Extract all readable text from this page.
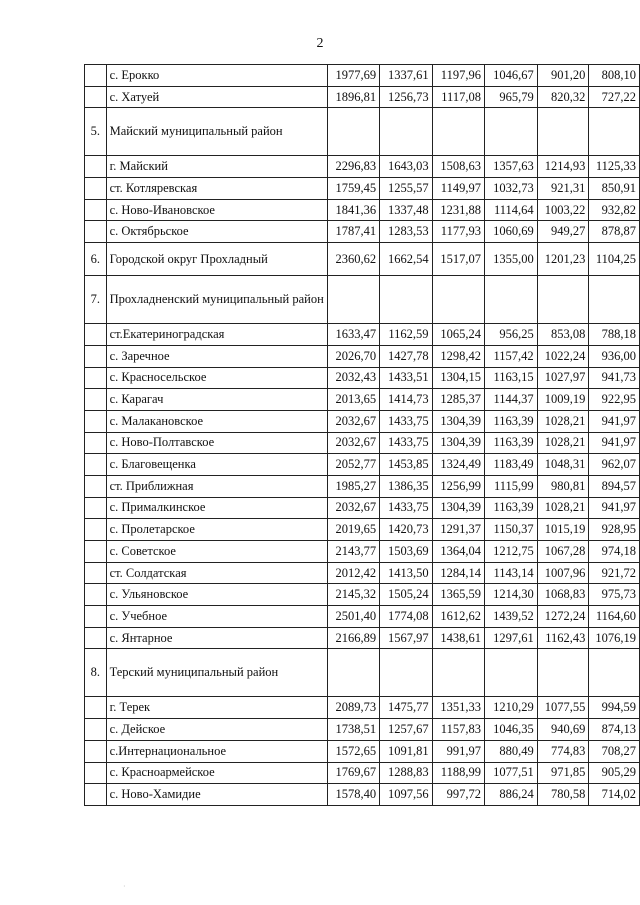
2
	с. Ерокко	1977,69	1337,61	1197,96	1046,67	901,20	808,10
	с. Хатуей	1896,81	1256,73	1117,08	965,79	820,32	727,22
5.	Майский муниципальный район						
	г. Майский	2296,83	1643,03	1508,63	1357,63	1214,93	1125,33
	ст. Котляревская	1759,45	1255,57	1149,97	1032,73	921,31	850,91
	с. Ново-Ивановское	1841,36	1337,48	1231,88	1114,64	1003,22	932,82
	с. Октябрьское	1787,41	1283,53	1177,93	1060,69	949,27	878,87
6.	Городской округ Прохладный	2360,62	1662,54	1517,07	1355,00	1201,23	1104,25
7.	Прохладненский муниципальный район						
	ст.Екатериноградская	1633,47	1162,59	1065,24	956,25	853,08	788,18
	с. Заречное	2026,70	1427,78	1298,42	1157,42	1022,24	936,00
	с. Красносельское	2032,43	1433,51	1304,15	1163,15	1027,97	941,73
	с. Карагач	2013,65	1414,73	1285,37	1144,37	1009,19	922,95
	с. Малакановское	2032,67	1433,75	1304,39	1163,39	1028,21	941,97
	с. Ново-Полтавское	2032,67	1433,75	1304,39	1163,39	1028,21	941,97
	с. Благовещенка	2052,77	1453,85	1324,49	1183,49	1048,31	962,07
	ст. Приближная	1985,27	1386,35	1256,99	1115,99	980,81	894,57
	с. Прималкинское	2032,67	1433,75	1304,39	1163,39	1028,21	941,97
	с. Пролетарское	2019,65	1420,73	1291,37	1150,37	1015,19	928,95
	с. Советское	2143,77	1503,69	1364,04	1212,75	1067,28	974,18
	ст. Солдатская	2012,42	1413,50	1284,14	1143,14	1007,96	921,72
	с. Ульяновское	2145,32	1505,24	1365,59	1214,30	1068,83	975,73
	с. Учебное	2501,40	1774,08	1612,62	1439,52	1272,24	1164,60
	с. Янтарное	2166,89	1567,97	1438,61	1297,61	1162,43	1076,19
8.	Терский муниципальный район						
	г. Терек	2089,73	1475,77	1351,33	1210,29	1077,55	994,59
	с. Дейское	1738,51	1257,67	1157,83	1046,35	940,69	874,13
	с.Интернациональное	1572,65	1091,81	991,97	880,49	774,83	708,27
	с. Красноармейское	1769,67	1288,83	1188,99	1077,51	971,85	905,29
	с. Ново-Хамидие	1578,40	1097,56	997,72	886,24	780,58	714,02
·
